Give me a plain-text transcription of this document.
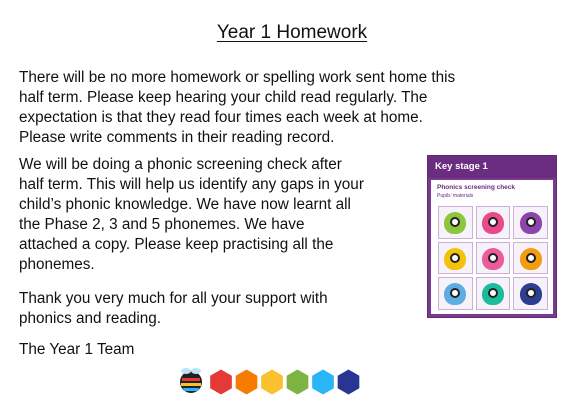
Year 1 Homework

There will be no more homework or spelling work sent home this
half term. Please keep hearing your child read regularly. The
expectation is that they read four times each week at home.
Please write comments in their reading record.

We will be doing a phonic screening check after
half term. This will help us identify any gaps in your
child’s phonic knowledge. We have now learnt all
the Phase 2, 3 and 5 phonemes. We have
attached a copy. Please keep practising all the
phonemes.

Thank you very much for all your support with
phonics and reading.

The Year 1 Team

Key stage 1
Phonics screening check
Pupils’ materials
